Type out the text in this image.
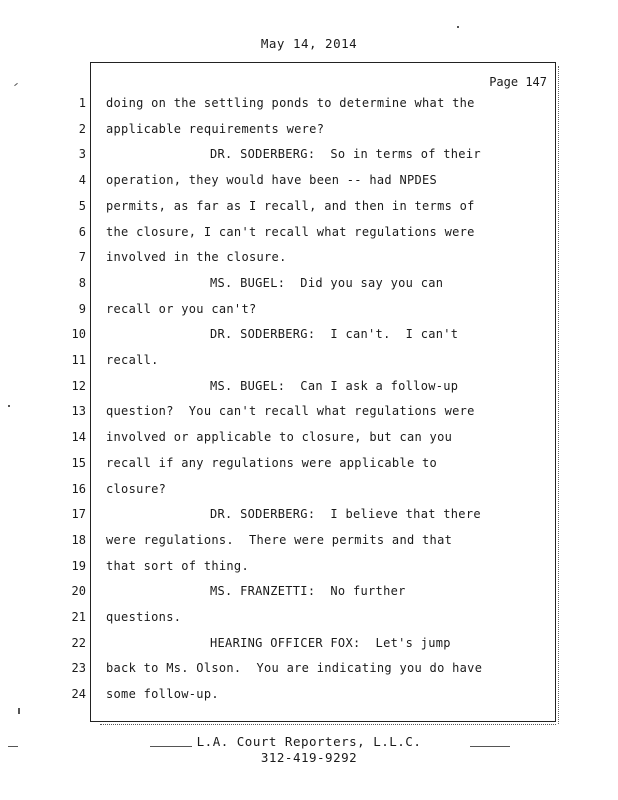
May 14, 2014
Page 147
1
2
3
4
5
6
7
8
9
10
11
12
13
14
15
16
17
18
19
20
21
22
23
24
doing on the settling ponds to determine what the
applicable requirements were?
DR. SODERBERG:  So in terms of their
operation, they would have been -- had NPDES
permits, as far as I recall, and then in terms of
the closure, I can't recall what regulations were
involved in the closure.
MS. BUGEL:  Did you say you can
recall or you can't?
DR. SODERBERG:  I can't.  I can't
recall.
MS. BUGEL:  Can I ask a follow-up
question?  You can't recall what regulations were
involved or applicable to closure, but can you
recall if any regulations were applicable to
closure?
DR. SODERBERG:  I believe that there
were regulations.  There were permits and that
that sort of thing.
MS. FRANZETTI:  No further
questions.
HEARING OFFICER FOX:  Let's jump
back to Ms. Olson.  You are indicating you do have
some follow-up.
L.A. Court Reporters, L.L.C.
312-419-9292
